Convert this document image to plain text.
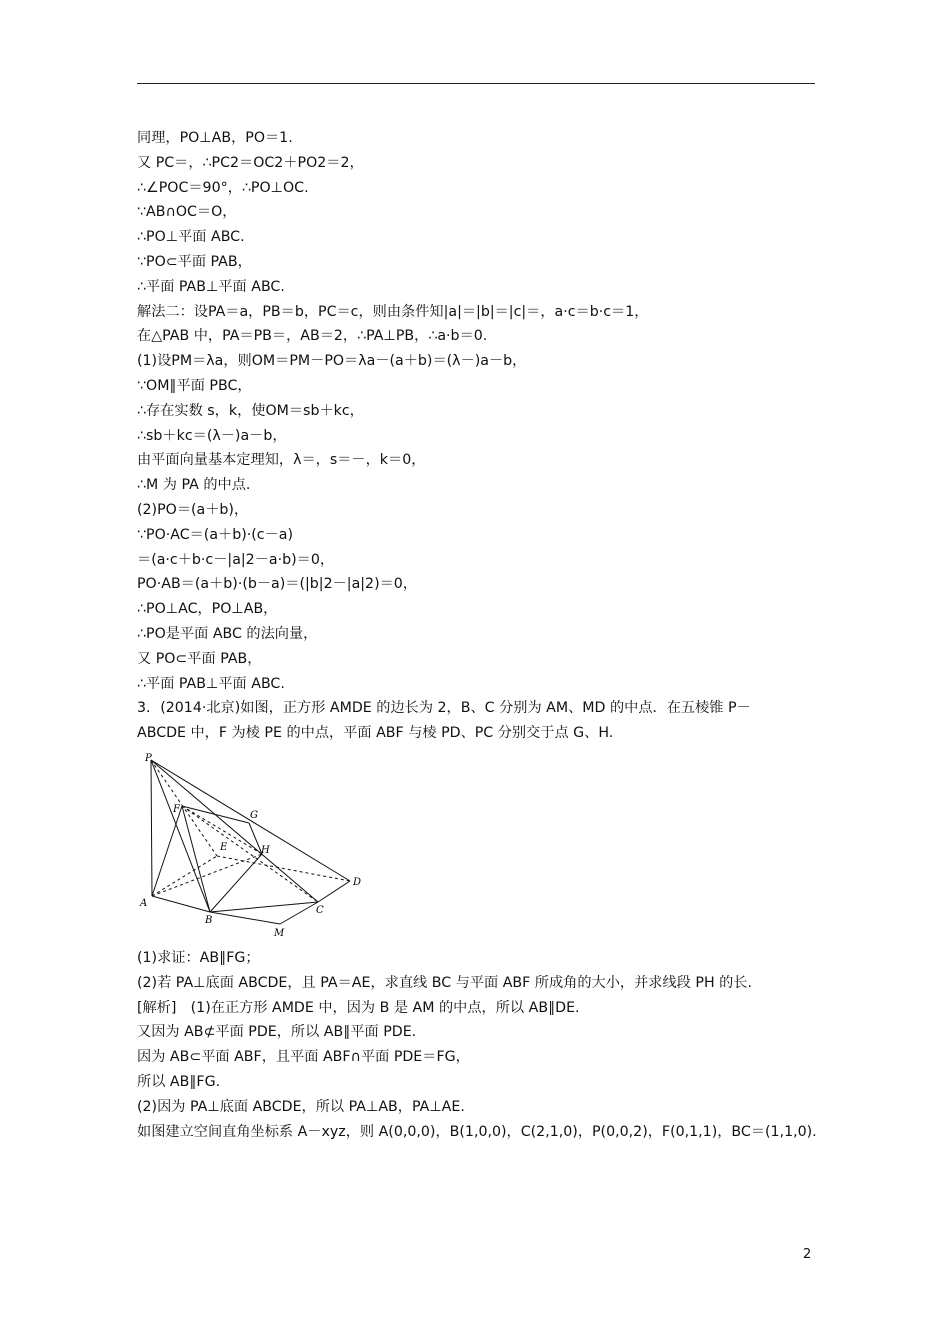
同理，PO⊥AB，PO＝1.
又 PC＝，∴PC2＝OC2＋PO2＝2，
∴∠POC＝90°，∴PO⊥OC.
∵AB∩OC＝O，
∴PO⊥平面 ABC.
∵PO⊂平面 PAB，
∴平面 PAB⊥平面 ABC.
解法二：设PA＝a，PB＝b，PC＝c，则由条件知|a|＝|b|＝|c|＝，a·c＝b·c＝1，
在△PAB 中，PA＝PB＝，AB＝2，∴PA⊥PB，∴a·b＝0.
(1)设PM＝λa，则OM＝PM－PO＝λa－(a＋b)＝(λ－)a－b，
∵OM∥平面 PBC，
∴存在实数 s，k，使OM＝sb＋kc，
∴sb＋kc＝(λ－)a－b，
由平面向量基本定理知，λ＝，s＝－，k＝0，
∴M 为 PA 的中点.
(2)PO＝(a＋b)，
∵PO·AC＝(a＋b)·(c－a)
＝(a·c＋b·c－|a|2－a·b)＝0，
PO·AB＝(a＋b)·(b－a)＝(|b|2－|a|2)＝0，
∴PO⊥AC，PO⊥AB，
∴PO是平面 ABC 的法向量，
又 PO⊂平面 PAB，
∴平面 PAB⊥平面 ABC.
3．(2014·北京)如图，正方形 AMDE 的边长为 2，B、C 分别为 AM、MD 的中点．在五棱锥 P－
ABCDE 中，F 为棱 PE 的中点，平面 ABF 与棱 PD、PC 分别交于点 G、H.
P
F
G
E	H
D
A
B
C
M
(1)求证：AB∥FG；
(2)若 PA⊥底面 ABCDE，且 PA＝AE，求直线 BC 与平面 ABF 所成角的大小，并求线段 PH 的长.
[解析]　(1)在正方形 AMDE 中，因为 B 是 AM 的中点，所以 AB∥DE.
又因为 AB⊄平面 PDE，所以 AB∥平面 PDE.
因为 AB⊂平面 ABF，且平面 ABF∩平面 PDE＝FG，
所以 AB∥FG.
(2)因为 PA⊥底面 ABCDE，所以 PA⊥AB，PA⊥AE.
如图建立空间直角坐标系 A－xyz，则 A(0,0,0)，B(1,0,0)，C(2,1,0)，P(0,0,2)，F(0,1,1)，BC＝(1,1,0).
2
